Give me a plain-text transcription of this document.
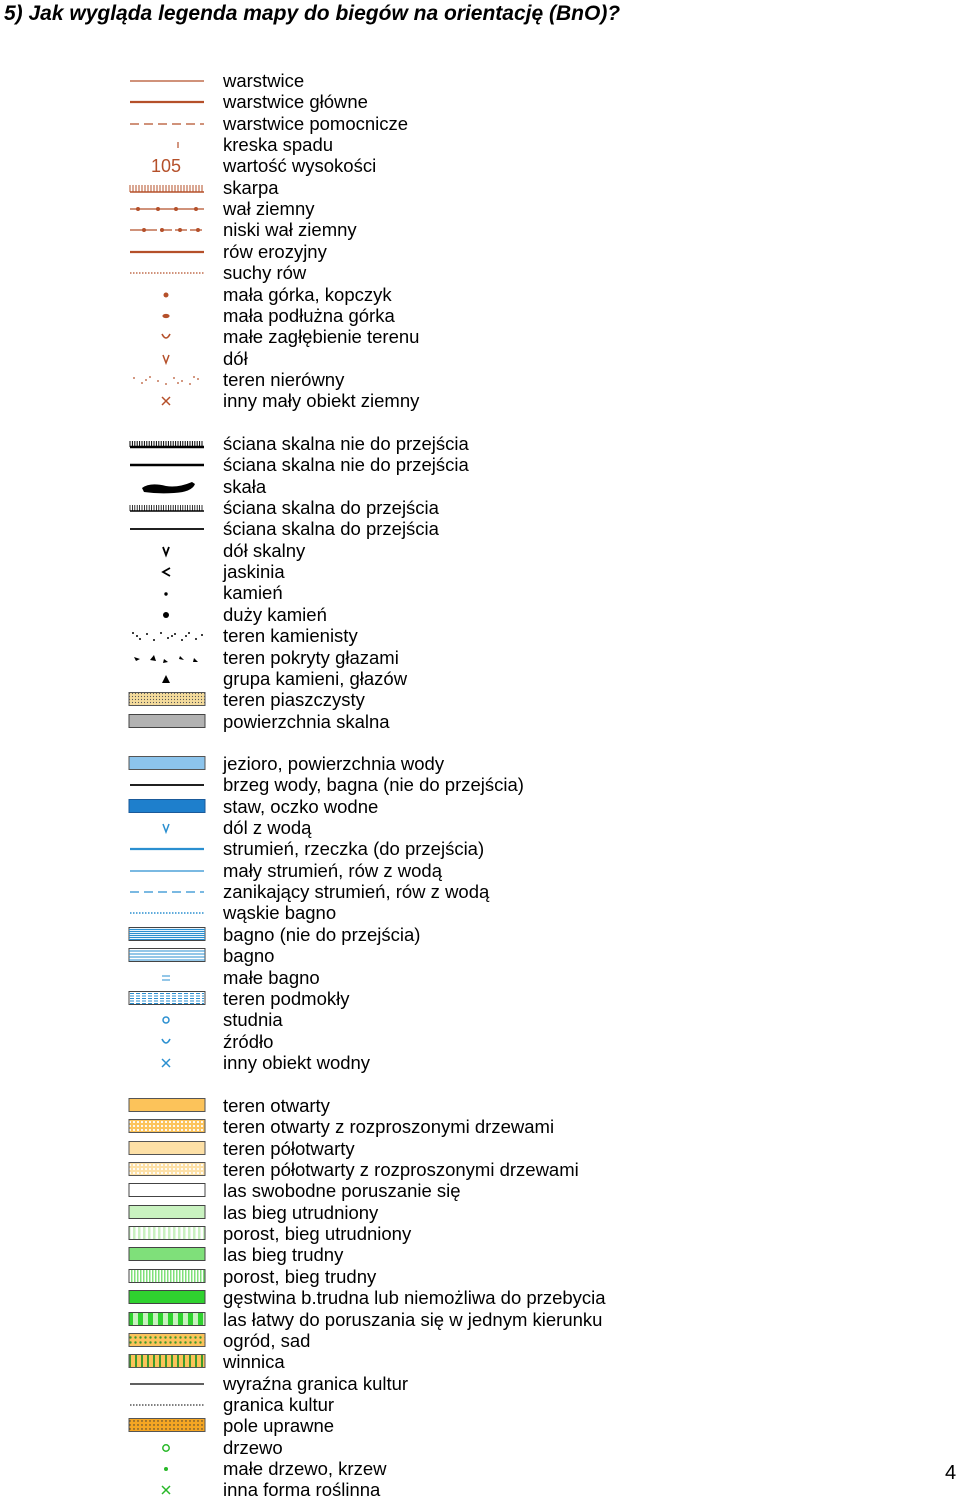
5) Jak wygląda legenda mapy do biegów na orientację (BnO)?
warstwice
warstwice główne
warstwice pomocnicze
kreska spadu
105 wartość wysokości
skarpa
wał ziemny
niski wał ziemny
rów erozyjny
suchy rów
mała górka, kopczyk
mała podłużna górka
małe zagłębienie terenu
dół
teren nierówny
inny mały obiekt ziemny
ściana skalna nie do przejścia
ściana skalna nie do przejścia
skała
ściana skalna do przejścia
ściana skalna do przejścia
dół skalny
jaskinia
kamień
duży kamień
teren kamienisty
teren pokryty głazami
grupa kamieni, głazów
teren piaszczysty
powierzchnia skalna
jezioro, powierzchnia wody
brzeg wody, bagna (nie do przejścia)
staw, oczko wodne
dól z wodą
strumień, rzeczka (do przejścia)
mały strumień, rów z wodą
zanikający strumień, rów z wodą
wąskie bagno
bagno (nie do przejścia)
bagno
małe bagno
teren podmokły
studnia
źródło
inny obiekt wodny
teren otwarty
teren otwarty z rozproszonymi drzewami
teren półotwarty
teren półotwarty z rozproszonymi drzewami
las swobodne poruszanie się
las bieg utrudniony
porost, bieg utrudniony
las bieg trudny
porost, bieg trudny
gęstwina b.trudna lub niemożliwa do przebycia
las łatwy do poruszania się w jednym kierunku
ogród, sad
winnica
wyraźna granica kultur
granica kultur
pole uprawne
drzewo
małe drzewo, krzew
inna forma roślinna
4
